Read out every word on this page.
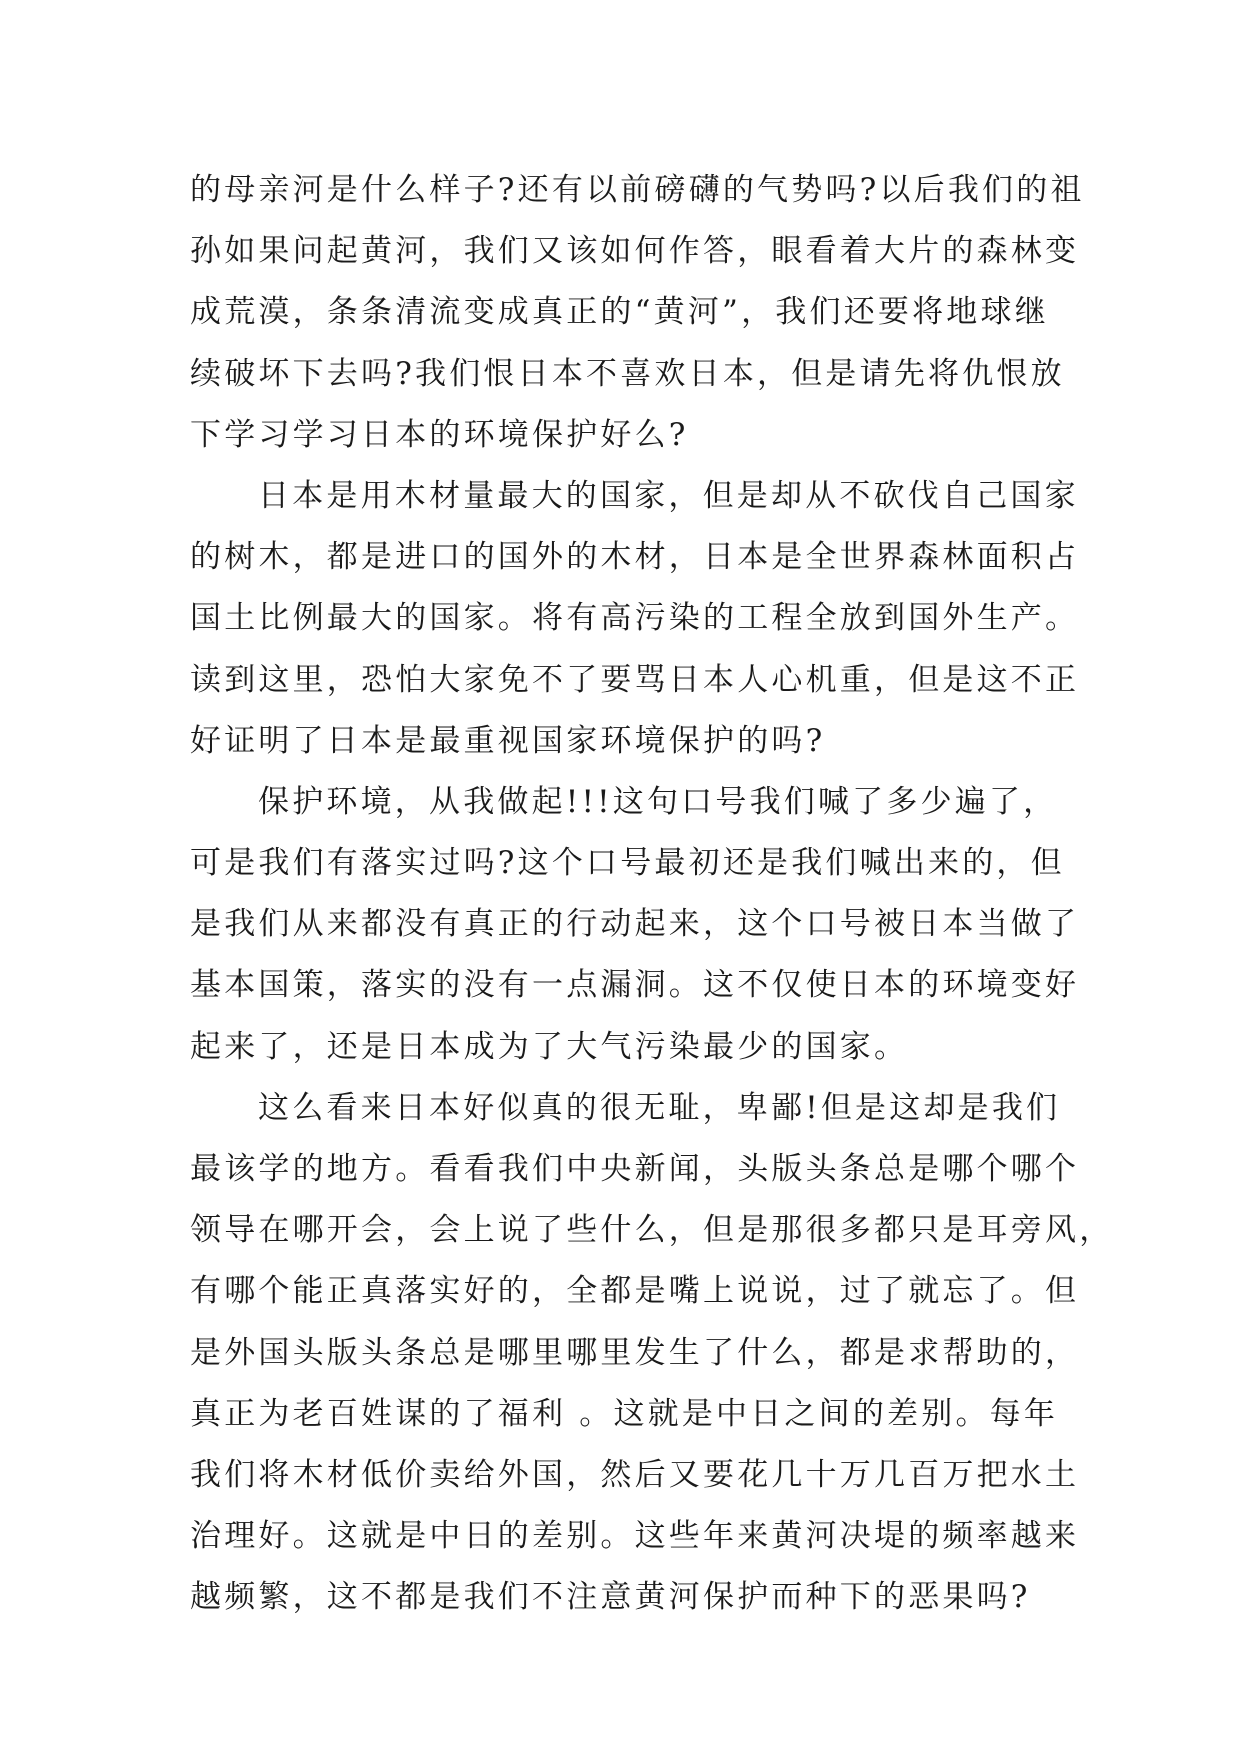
的母亲河是什么样子?还有以前磅礴的气势吗?以后我们的祖
孙如果问起黄河，我们又该如何作答，眼看着大片的森林变
成荒漠，条条清流变成真正的“黄河”，我们还要将地球继
续破坏下去吗?我们恨日本不喜欢日本，但是请先将仇恨放
下学习学习日本的环境保护好么?
日本是用木材量最大的国家，但是却从不砍伐自己国家
的树木，都是进口的国外的木材，日本是全世界森林面积占
国土比例最大的国家。将有高污染的工程全放到国外生产。
读到这里，恐怕大家免不了要骂日本人心机重，但是这不正
好证明了日本是最重视国家环境保护的吗?
保护环境，从我做起!!!这句口号我们喊了多少遍了，
可是我们有落实过吗?这个口号最初还是我们喊出来的，但
是我们从来都没有真正的行动起来，这个口号被日本当做了
基本国策，落实的没有一点漏洞。这不仅使日本的环境变好
起来了，还是日本成为了大气污染最少的国家。
这么看来日本好似真的很无耻，卑鄙!但是这却是我们
最该学的地方。看看我们中央新闻，头版头条总是哪个哪个
领导在哪开会，会上说了些什么，但是那很多都只是耳旁风，
有哪个能正真落实好的，全都是嘴上说说，过了就忘了。但
是外国头版头条总是哪里哪里发生了什么，都是求帮助的，
真正为老百姓谋的了福利 。这就是中日之间的差别。每年
我们将木材低价卖给外国，然后又要花几十万几百万把水土
治理好。这就是中日的差别。这些年来黄河决堤的频率越来
越频繁，这不都是我们不注意黄河保护而种下的恶果吗?
